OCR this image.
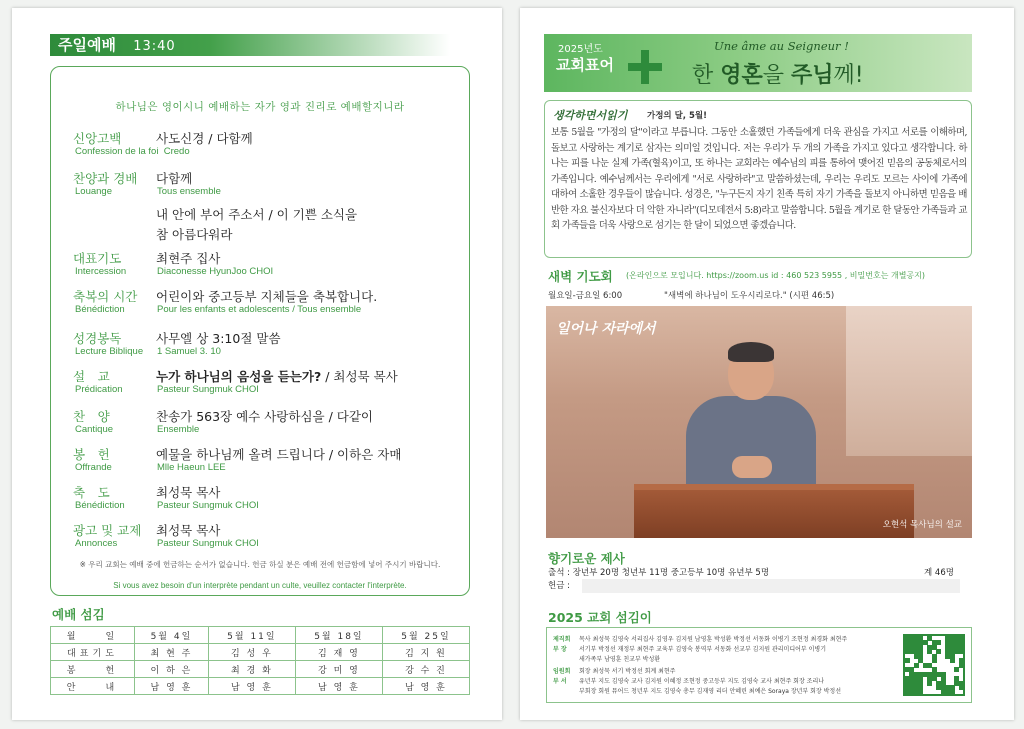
주일예배 13:40
하나님은 영이시니 예배하는 자가 영과 진리로 예배할지니라
신앙고백
Confession de la foi Credo
사도신경 / 다함께
찬양과 경배
Louange
다함께
Tous ensemble
내 안에 부어 주소서 / 이 기쁜 소식을
참 아름다워라
대표기도
Intercession
최현주 집사
Diaconesse HyunJoo CHOI
축복의 시간
Bénédiction
어린이와 중고등부 지체들을 축복합니다.
Pour les enfants et adolescents / Tous ensemble
성경봉독
Lecture Biblique
사무엘 상 3:10절 말씀
1 Samuel 3. 10
설　교
Prédication
누가 하나님의 음성을 듣는가? / 최성묵 목사
Pasteur Sungmuk CHOI
찬　양
Cantique
찬송가 563장 예수 사랑하심을 / 다같이
Ensemble
봉　헌
Offrande
예물을 하나님께 올려 드립니다 / 이하은 자매
Mlle Haeun LEE
축　도
Bénédiction
최성묵 목사
Pasteur Sungmuk CHOI
광고 및 교제
Annonces
최성묵 목사
Pasteur Sungmuk CHOI
※ 우리 교회는 예배 중에 헌금하는 순서가 없습니다. 헌금 하실 분은 예배 전에 헌금함에 넣어 주시기 바랍니다.
Si vous avez besoin d'un interprète pendant un culte, veuillez contacter l'interprète.
예배 섬김
월　　일	5월 4일	5월 11일	5월 18일	5월 25일
대표기도	최 현 주	김 성 우	김 재 영	김 지 원
봉　　헌	이 하 은	최 경 화	강 미 영	강 수 진
안　　내	남 영 훈	남 영 훈	남 영 훈	남 영 훈
2025년도
교회표어
Une âme au Seigneur !
한 영혼을 주님께!
생각하면서읽기 가정의 달, 5월!
보통 5월을 "가정의 달"이라고 부릅니다. 그동안 소홀했던 가족들에게 더욱 관심을 가지고 서로를 이해하며, 돌보고 사랑하는 계기로 삼자는 의미일 것입니다. 저는 우리가 두 개의 가족을 가지고 있다고 생각합니다. 하나는 피를 나눈 실제 가족(혈육)이고, 또 하나는 교회라는 예수님의 피를 통하여 맺어진 믿음의 공동체로서의 가족입니다. 예수님께서는 우리에게 "서로 사랑하라"고 말씀하셨는데, 우리는 우리도 모르는 사이에 가족에 대하여 소홀한 경우들이 많습니다. 성경은, "누구든지 자기 친족 특히 자기 가족을 돌보지 아니하면 믿음을 배반한 자요 불신자보다 더 악한 자니라"(디모데전서 5:8)라고 말씀합니다. 5월을 계기로 한 달동안 가족들과 교회 가족들을 더욱 사랑으로 섬기는 한 달이 되었으면 좋겠습니다.
새벽 기도회 (온라인으로 모입니다. https://zoom.us id : 460 523 5955 , 비밀번호는 개별공지)
월요일-금요일 6:00	"새벽에 하나님이 도우시리로다." (시편 46:5)
일어나 자라에서
오현석 목사님의 설교
향기로운 제사
출석 : 장년부 20명 청년부 11명 중고등부 10명 유년부 5명	계 46명
헌금 :
2025 교회 섬김이
제직회 목사 최성묵 김영숙 서리집사 김영우 김지원 남영훈 박성환 박정선 서동화 이병기 조현정 최경화 최현주
부 장 서기부 박정선 재정부 최현주 교육부 김영숙 봉역부 서동화 선교부 김지원 관리미디어부 이병기
새가족부 남영훈 친교부 박성환
임원회 회장 최성묵 서기 박정선 회계 최현주
부 서 유년부 지도 김영숙 교사 김지원 이혜정 조현정 중고등부 지도 김영숙 교사 최현주 회장 조리나
부회장 회원 뮤어드 청년부 지도 김영숙 총무 김재영 리더 안혜린 최예은 Soraya 장년부 회장 박정선
